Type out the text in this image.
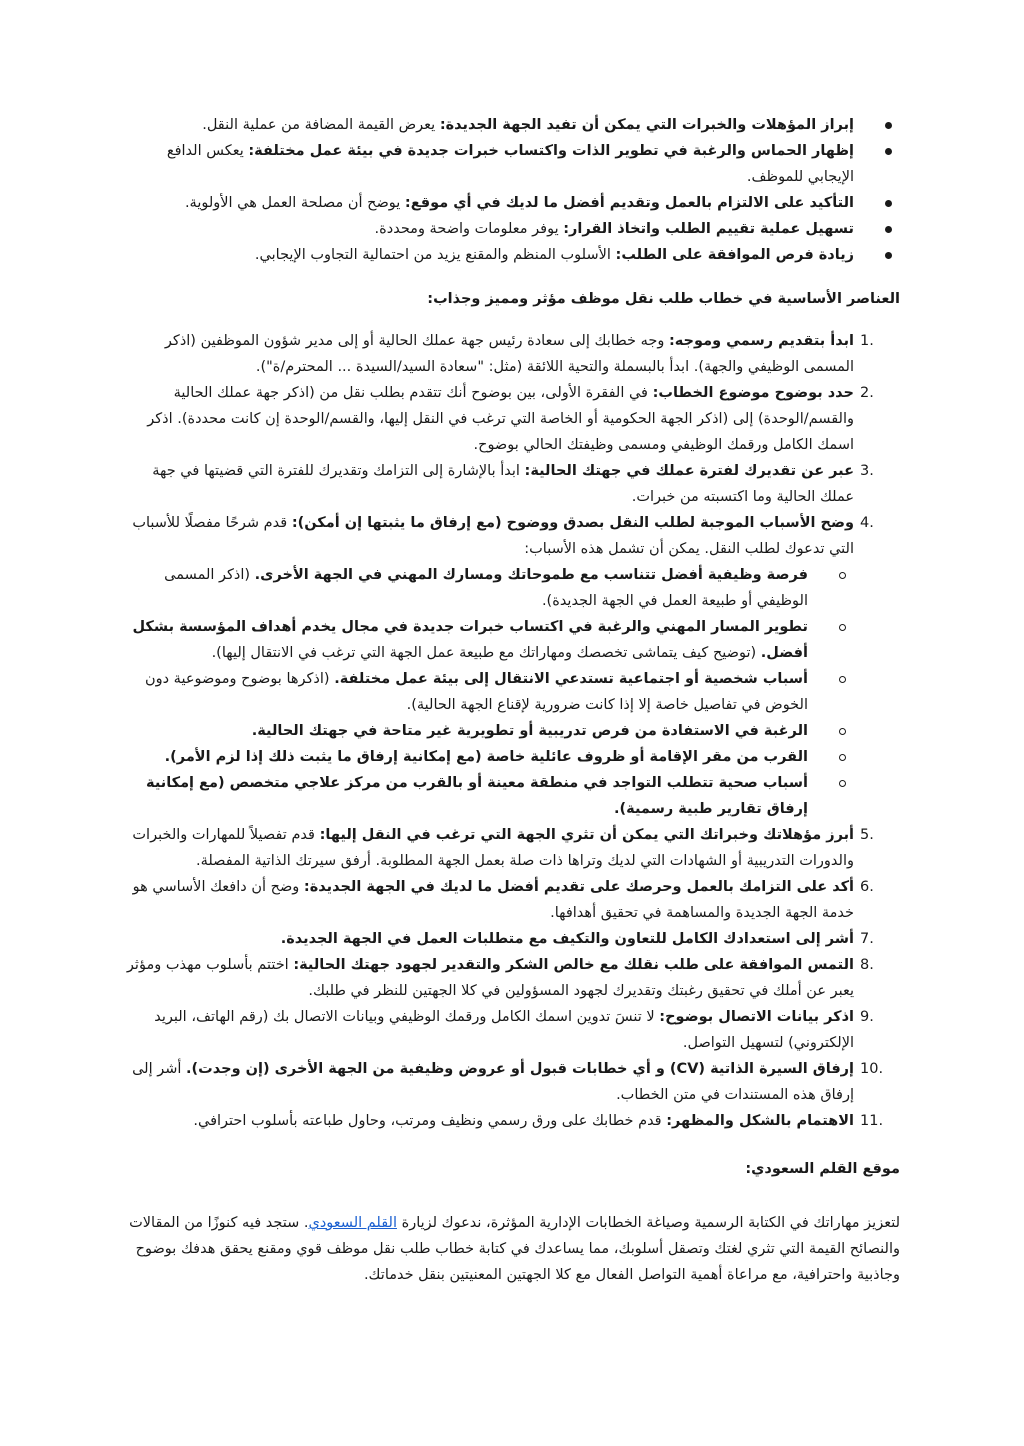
إبراز المؤهلات والخبرات التي يمكن أن تفيد الجهة الجديدة: يعرض القيمة المضافة من عملية النقل.
إظهار الحماس والرغبة في تطوير الذات واكتساب خبرات جديدة في بيئة عمل مختلفة: يعكس الدافع الإيجابي للموظف.
التأكيد على الالتزام بالعمل وتقديم أفضل ما لديك في أي موقع: يوضح أن مصلحة العمل هي الأولوية.
تسهيل عملية تقييم الطلب واتخاذ القرار: يوفر معلومات واضحة ومحددة.
زيادة فرص الموافقة على الطلب: الأسلوب المنظم والمقنع يزيد من احتمالية التجاوب الإيجابي.
العناصر الأساسية في خطاب طلب نقل موظف مؤثر ومميز وجذاب:
1.
ابدأ بتقديم رسمي وموجه: وجه خطابك إلى سعادة رئيس جهة عملك الحالية أو إلى مدير شؤون الموظفين (اذكر المسمى الوظيفي والجهة). ابدأ بالبسملة والتحية اللائقة (مثل: "سعادة السيد/السيدة ... المحترم/ة").
2.
حدد بوضوح موضوع الخطاب: في الفقرة الأولى، بين بوضوح أنك تتقدم بطلب نقل من (اذكر جهة عملك الحالية والقسم/الوحدة) إلى (اذكر الجهة الحكومية أو الخاصة التي ترغب في النقل إليها، والقسم/الوحدة إن كانت محددة). اذكر اسمك الكامل ورقمك الوظيفي ومسمى وظيفتك الحالي بوضوح.
3.
عبر عن تقديرك لفترة عملك في جهتك الحالية: ابدأ بالإشارة إلى التزامك وتقديرك للفترة التي قضيتها في جهة عملك الحالية وما اكتسبته من خبرات.
4.
وضح الأسباب الموجبة لطلب النقل بصدق ووضوح (مع إرفاق ما يثبتها إن أمكن): قدم شرحًا مفصلًا للأسباب التي تدعوك لطلب النقل. يمكن أن تشمل هذه الأسباب:
فرصة وظيفية أفضل تتناسب مع طموحاتك ومسارك المهني في الجهة الأخرى. (اذكر المسمى الوظيفي أو طبيعة العمل في الجهة الجديدة).
تطوير المسار المهني والرغبة في اكتساب خبرات جديدة في مجال يخدم أهداف المؤسسة بشكل أفضل. (توضيح كيف يتماشى تخصصك ومهاراتك مع طبيعة عمل الجهة التي ترغب في الانتقال إليها).
أسباب شخصية أو اجتماعية تستدعي الانتقال إلى بيئة عمل مختلفة. (اذكرها بوضوح وموضوعية دون الخوض في تفاصيل خاصة إلا إذا كانت ضرورية لإقناع الجهة الحالية).
الرغبة في الاستفادة من فرص تدريبية أو تطويرية غير متاحة في جهتك الحالية.
القرب من مقر الإقامة أو ظروف عائلية خاصة (مع إمكانية إرفاق ما يثبت ذلك إذا لزم الأمر).
أسباب صحية تتطلب التواجد في منطقة معينة أو بالقرب من مركز علاجي متخصص (مع إمكانية إرفاق تقارير طبية رسمية).
5.
أبرز مؤهلاتك وخبراتك التي يمكن أن تثري الجهة التي ترغب في النقل إليها: قدم تفصيلاً للمهارات والخبرات والدورات التدريبية أو الشهادات التي لديك وتراها ذات صلة بعمل الجهة المطلوبة. أرفق سيرتك الذاتية المفصلة.
6.
أكد على التزامك بالعمل وحرصك على تقديم أفضل ما لديك في الجهة الجديدة: وضح أن دافعك الأساسي هو خدمة الجهة الجديدة والمساهمة في تحقيق أهدافها.
7.
أشر إلى استعدادك الكامل للتعاون والتكيف مع متطلبات العمل في الجهة الجديدة.
8.
التمس الموافقة على طلب نقلك مع خالص الشكر والتقدير لجهود جهتك الحالية: اختتم بأسلوب مهذب ومؤثر يعبر عن أملك في تحقيق رغبتك وتقديرك لجهود المسؤولين في كلا الجهتين للنظر في طلبك.
9.
اذكر بيانات الاتصال بوضوح: لا تنسَ تدوين اسمك الكامل ورقمك الوظيفي وبيانات الاتصال بك (رقم الهاتف، البريد الإلكتروني) لتسهيل التواصل.
10.
إرفاق السيرة الذاتية (CV) و أي خطابات قبول أو عروض وظيفية من الجهة الأخرى (إن وجدت). أشر إلى إرفاق هذه المستندات في متن الخطاب.
11.
الاهتمام بالشكل والمظهر: قدم خطابك على ورق رسمي ونظيف ومرتب، وحاول طباعته بأسلوب احترافي.
موقع القلم السعودي:

لتعزيز مهاراتك في الكتابة الرسمية وصياغة الخطابات الإدارية المؤثرة، ندعوك لزيارة القلم السعودي. ستجد فيه كنوزًا من المقالات والنصائح القيمة التي تثري لغتك وتصقل أسلوبك، مما يساعدك في كتابة خطاب طلب نقل موظف قوي ومقنع يحقق هدفك بوضوح وجاذبية واحترافية، مع مراعاة أهمية التواصل الفعال مع كلا الجهتين المعنيتين بنقل خدماتك.
